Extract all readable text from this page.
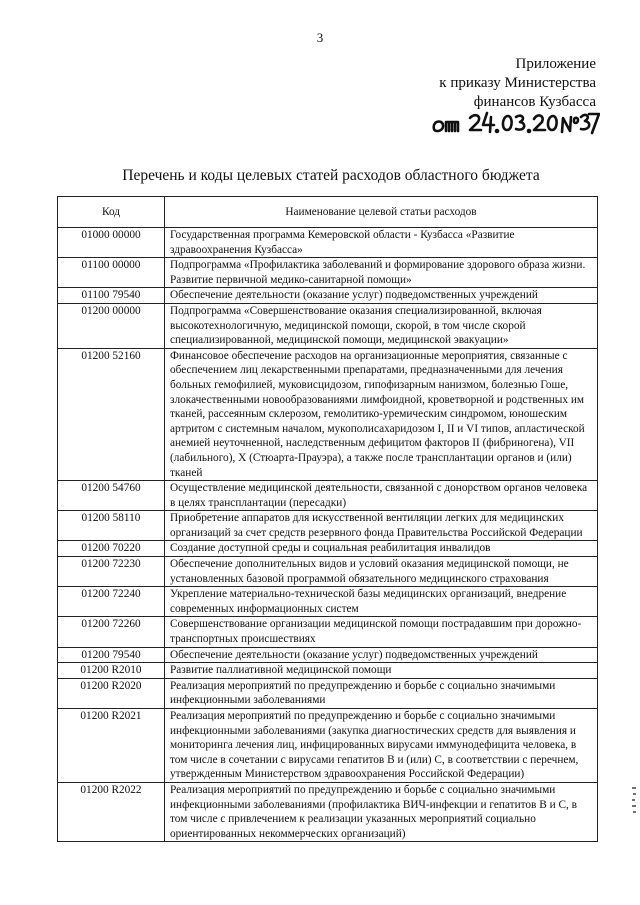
3
Приложение
к приказу Министерства
финансов Кузбасса
Перечень и коды целевых статей расходов областного бюджета
Код	Наименование целевой статьи расходов
01000 00000	Государственная программа Кемеровской области - Кузбасса «Развитие здравоохранения Кузбасса»
01100 00000	Подпрограмма «Профилактика заболеваний и формирование здорового образа жизни. Развитие первичной медико-санитарной помощи»
01100 79540	Обеспечение деятельности (оказание услуг) подведомственных учреждений
01200 00000	Подпрограмма «Совершенствование оказания специализированной, включая высокотехнологичную, медицинской помощи, скорой, в том числе скорой специализированной, медицинской помощи, медицинской эвакуации»
01200 52160	Финансовое обеспечение расходов на организационные мероприятия, связанные с обеспечением лиц лекарственными препаратами, предназначенными для лечения больных гемофилией, муковисцидозом, гипофизарным нанизмом, болезнью Гоше, злокачественными новообразованиями лимфоидной, кроветворной и родственных им тканей, рассеянным склерозом, гемолитико-уремическим синдромом, юношеским артритом с системным началом, мукополисахаридозом I, II и VI типов, апластической анемией неуточненной, наследственным дефицитом факторов II (фибриногена), VII (лабильного), X (Стюарта-Прауэра), а также после трансплантации органов и (или) тканей
01200 54760	Осуществление медицинской деятельности, связанной с донорством органов человека в целях трансплантации (пересадки)
01200 58110	Приобретение аппаратов для искусственной вентиляции легких для медицинских организаций за счет средств резервного фонда Правительства Российской Федерации
01200 70220	Создание доступной среды и социальная реабилитация инвалидов
01200 72230	Обеспечение дополнительных видов и условий оказания медицинской помощи, не установленных базовой программой обязательного медицинского страхования
01200 72240	Укрепление материально-технической базы медицинских организаций, внедрение современных информационных систем
01200 72260	Совершенствование организации медицинской помощи пострадавшим при дорожно-транспортных происшествиях
01200 79540	Обеспечение деятельности (оказание услуг) подведомственных учреждений
01200 R2010	Развитие паллиативной медицинской помощи
01200 R2020	Реализация мероприятий по предупреждению и борьбе с социально значимыми инфекционными заболеваниями
01200 R2021	Реализация мероприятий по предупреждению и борьбе с социально значимыми инфекционными заболеваниями (закупка диагностических средств для выявления и мониторинга лечения лиц, инфицированных вирусами иммунодефицита человека, в том числе в сочетании с вирусами гепатитов В и (или) С, в соответствии с перечнем, утвержденным Министерством здравоохранения Российской Федерации)
01200 R2022	Реализация мероприятий по предупреждению и борьбе с социально значимыми инфекционными заболеваниями (профилактика ВИЧ-инфекции и гепатитов В и С, в том числе с привлечением к реализации указанных мероприятий социально ориентированных некоммерческих организаций)
